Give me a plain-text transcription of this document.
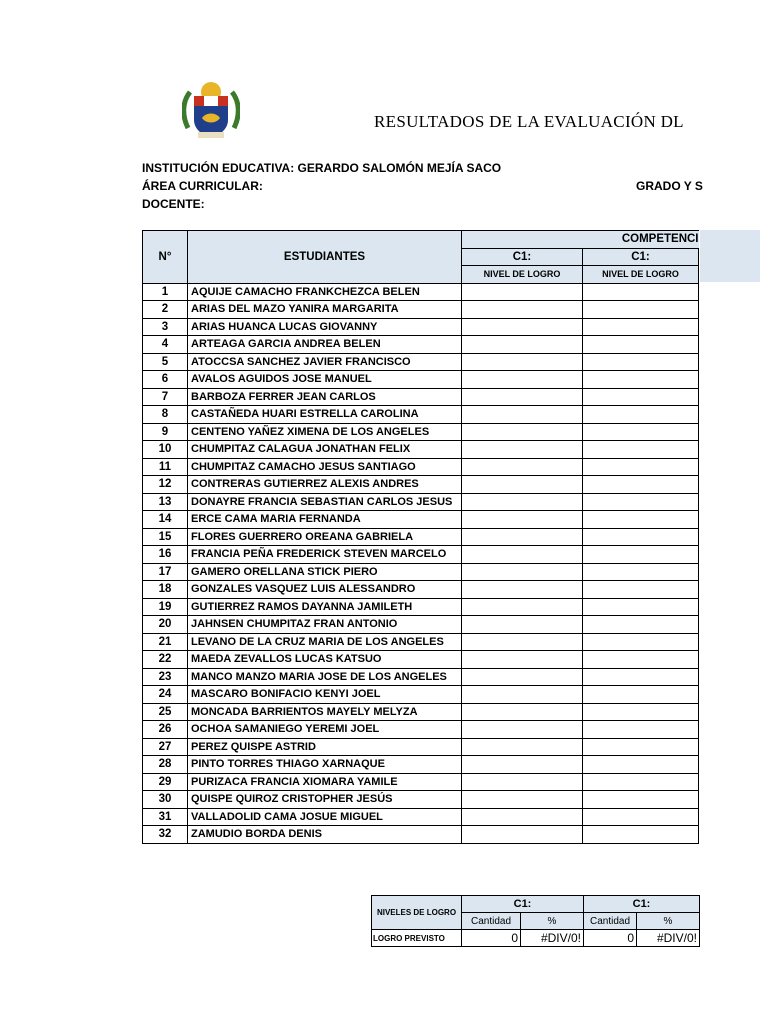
RESULTADOS DE LA EVALUACIÓN DL
INSTITUCIÓN EDUCATIVA: GERARDO SALOMÓN MEJÍA SACO
ÁREA CURRICULAR:	GRADO Y S
DOCENTE:
N°	ESTUDIANTES	COMPETENCI	
		C1:	C1:
		NIVEL DE LOGRO	NIVEL DE LOGRO
1	AQUIJE CAMACHO FRANKCHEZCA BELEN		
2	ARIAS DEL MAZO YANIRA MARGARITA		
3	ARIAS HUANCA LUCAS GIOVANNY		
4	ARTEAGA GARCIA ANDREA BELEN		
5	ATOCCSA SANCHEZ JAVIER FRANCISCO		
6	AVALOS AGUIDOS JOSE MANUEL		
7	BARBOZA FERRER JEAN CARLOS		
8	CASTAÑEDA HUARI ESTRELLA CAROLINA		
9	CENTENO YAÑEZ XIMENA DE LOS ANGELES		
10	CHUMPITAZ CALAGUA JONATHAN FELIX		
11	CHUMPITAZ CAMACHO JESUS SANTIAGO		
12	CONTRERAS GUTIERREZ ALEXIS ANDRES		
13	DONAYRE FRANCIA SEBASTIAN CARLOS JESUS		
14	ERCE CAMA MARIA FERNANDA		
15	FLORES GUERRERO OREANA GABRIELA		
16	FRANCIA PEÑA FREDERICK STEVEN MARCELO		
17	GAMERO ORELLANA STICK PIERO		
18	GONZALES VASQUEZ LUIS ALESSANDRO		
19	GUTIERREZ RAMOS DAYANNA JAMILETH		
20	JAHNSEN CHUMPITAZ FRAN ANTONIO		
21	LEVANO DE LA CRUZ MARIA DE LOS ANGELES		
22	MAEDA ZEVALLOS LUCAS KATSUO		
23	MANCO MANZO MARIA JOSE DE LOS ANGELES		
24	MASCARO BONIFACIO KENYI JOEL		
25	MONCADA BARRIENTOS MAYELY MELYZA		
26	OCHOA SAMANIEGO YEREMI JOEL		
27	PEREZ QUISPE ASTRID		
28	PINTO TORRES THIAGO XARNAQUE		
29	PURIZACA FRANCIA XIOMARA YAMILE		
30	QUISPE QUIROZ CRISTOPHER JESÚS		
31	VALLADOLID CAMA JOSUE MIGUEL		
32	ZAMUDIO BORDA DENIS		
NIVELES DE LOGRO	C1:		C1:	
	Cantidad	%	Cantidad	%
LOGRO PREVISTO	0	#DIV/0!	0	#DIV/0!
